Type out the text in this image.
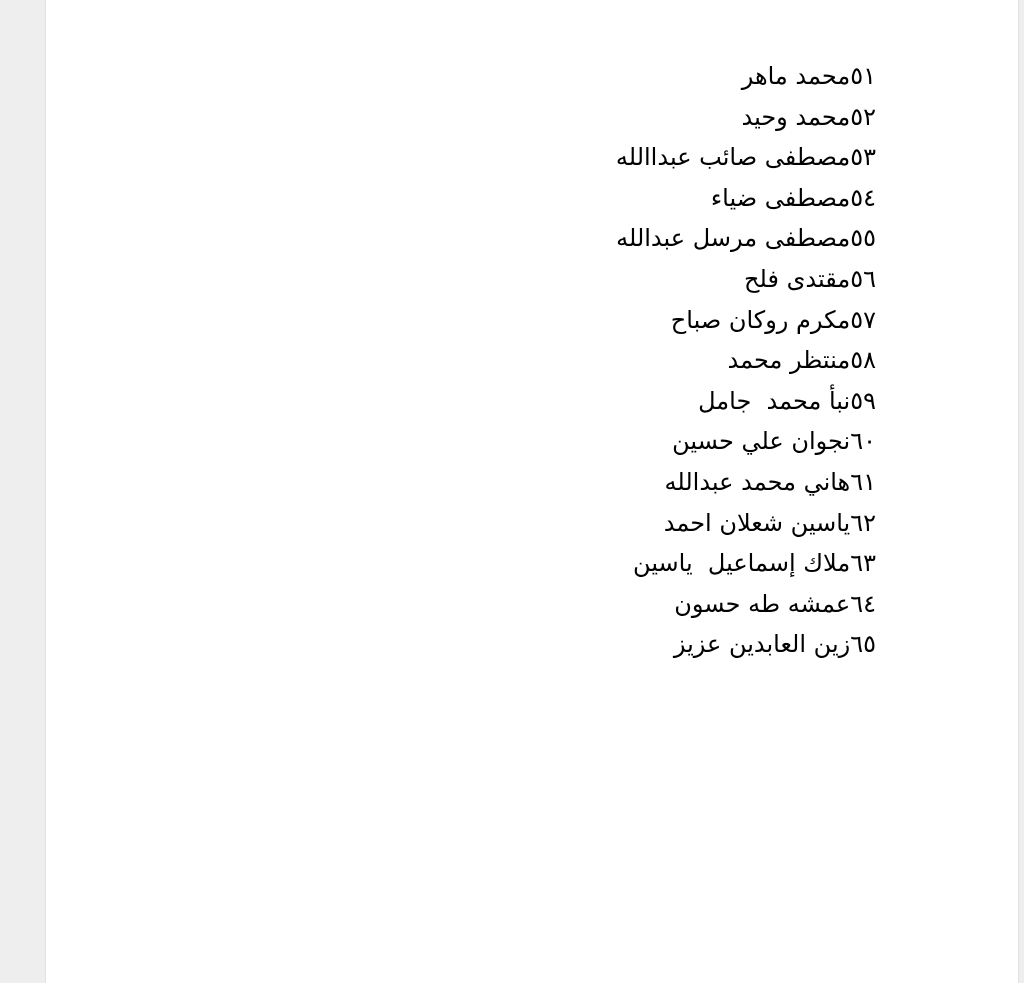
٥١محمد ماهر
٥٢محمد وحيد
٥٣مصطفى صائب عبداالله
٥٤مصطفى ضياء
٥٥مصطفى مرسل عبدالله
٥٦مقتدى فلح
٥٧مكرم روكان صباح
٥٨منتظر محمد
٥٩نبأ محمد  جامل
٦٠نجوان علي حسين
٦١هاني محمد عبدالله
٦٢ياسين شعلان احمد
٦٣ملاك إسماعيل  ياسين
٦٤عمشه طه حسون
٦٥زين العابدين عزيز
